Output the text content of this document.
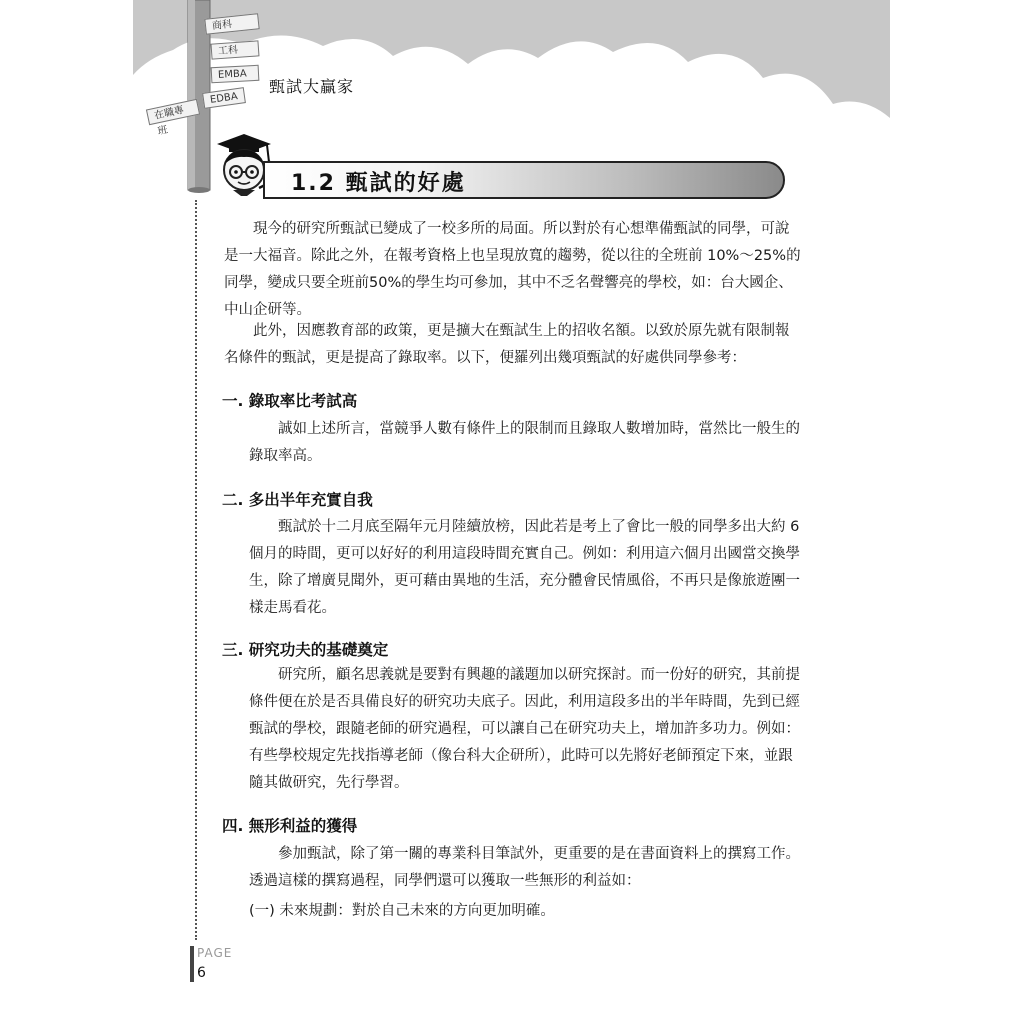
商科
工科
EMBA
EDBA
在職專班
甄試大贏家
1.2 甄試的好處

現今的研究所甄試已變成了一校多所的局面。所以對於有心想準備甄試的同學，可說是一大福音。除此之外，在報考資格上也呈現放寬的趨勢，從以往的全班前 10%～25%的同學，變成只要全班前50%的學生均可參加，其中不乏名聲響亮的學校，如：台大國企、中山企研等。

此外，因應教育部的政策，更是擴大在甄試生上的招收名額。以致於原先就有限制報名條件的甄試，更是提高了錄取率。以下，便羅列出幾項甄試的好處供同學參考：

一. 錄取率比考試高

誠如上述所言，當競爭人數有條件上的限制而且錄取人數增加時，當然比一般生的錄取率高。

二. 多出半年充實自我

甄試於十二月底至隔年元月陸續放榜，因此若是考上了會比一般的同學多出大約 6 個月的時間，更可以好好的利用這段時間充實自己。例如：利用這六個月出國當交換學生，除了增廣見聞外，更可藉由異地的生活，充分體會民情風俗，不再只是像旅遊團一樣走馬看花。

三. 研究功夫的基礎奠定

研究所，顧名思義就是要對有興趣的議題加以研究探討。而一份好的研究，其前提條件便在於是否具備良好的研究功夫底子。因此，利用這段多出的半年時間，先到已經甄試的學校，跟隨老師的研究過程，可以讓自己在研究功夫上，增加許多功力。例如：有些學校規定先找指導老師（像台科大企研所），此時可以先將好老師預定下來，並跟隨其做研究，先行學習。

四. 無形利益的獲得

參加甄試，除了第一關的專業科目筆試外，更重要的是在書面資料上的撰寫工作。透過這樣的撰寫過程，同學們還可以獲取一些無形的利益如：

(一) 未來規劃：對於自己未來的方向更加明確。

PAGE
6
